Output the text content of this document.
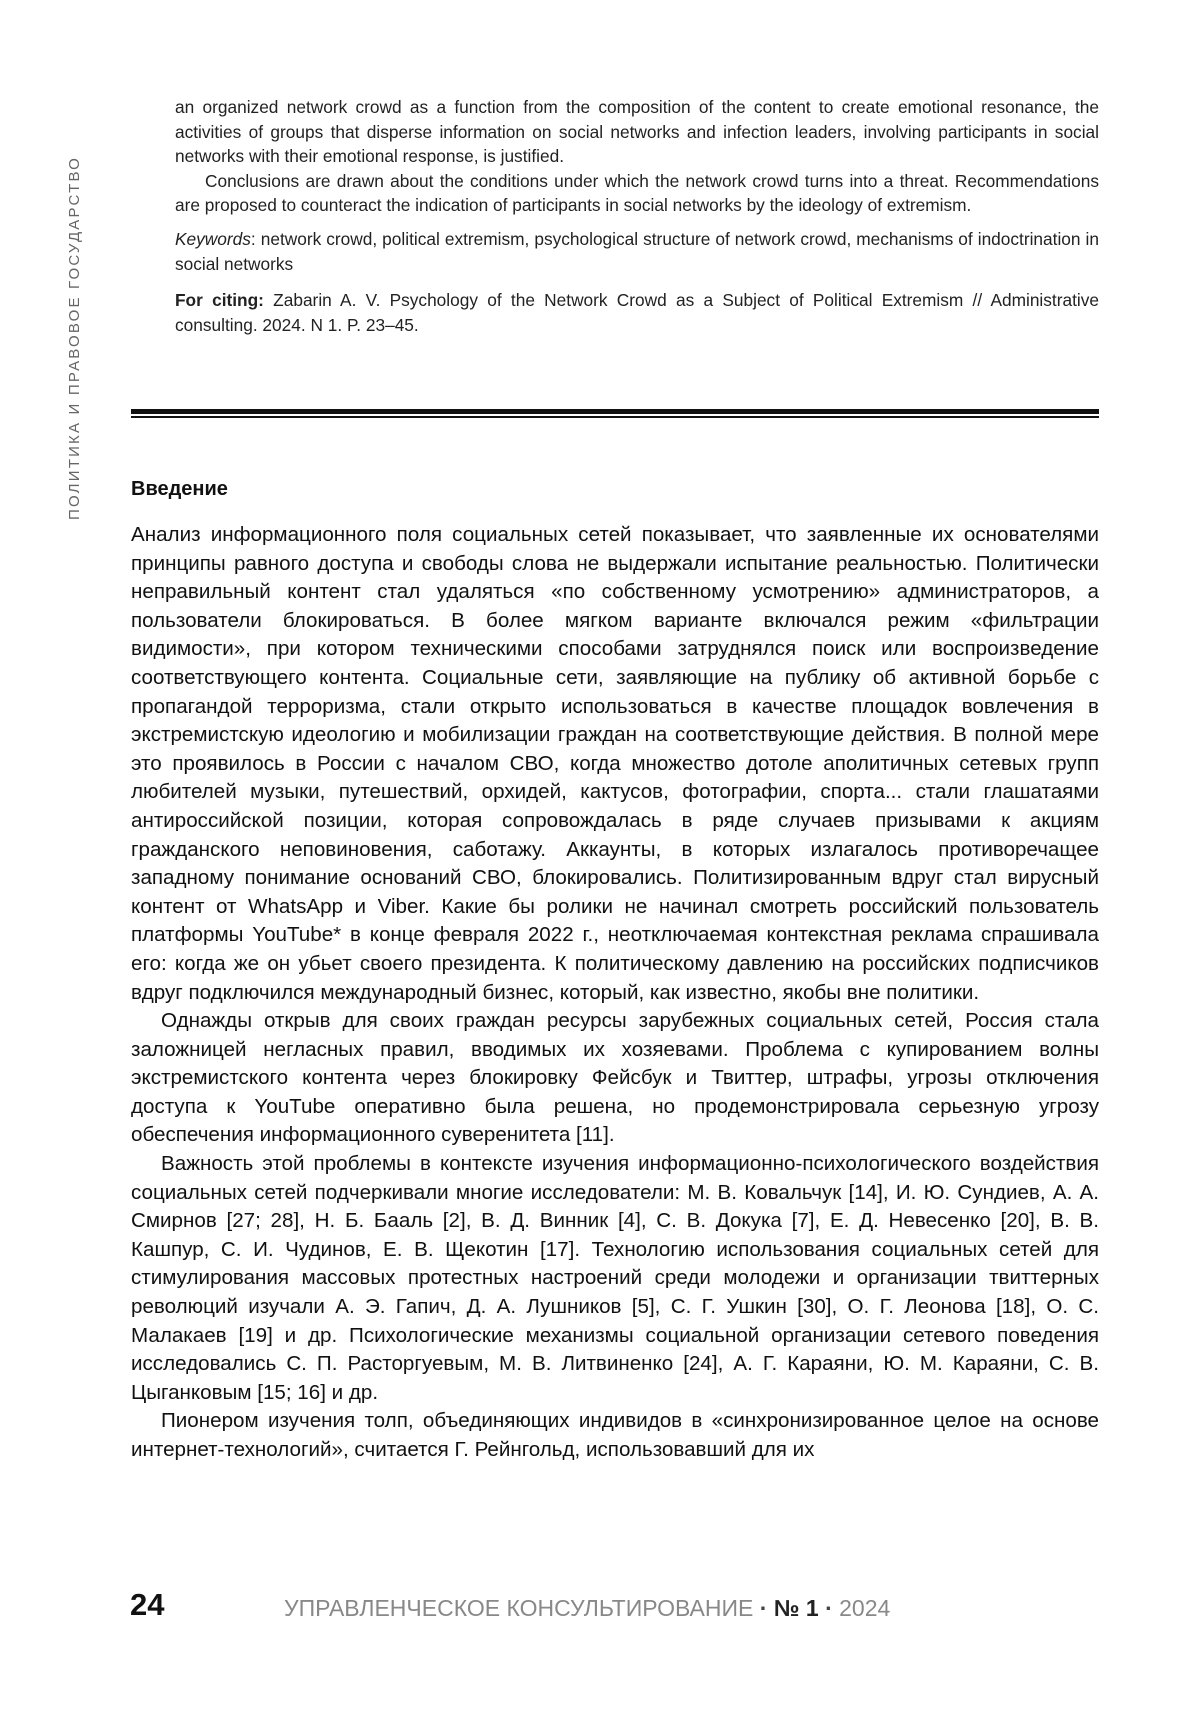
ПОЛИТИКА И ПРАВОВОЕ ГОСУДАРСТВО

an organized network crowd as a function from the composition of the content to create emotional resonance, the activities of groups that disperse information on social networks and infection leaders, involving participants in social networks with their emotional response, is justified.

Conclusions are drawn about the conditions under which the network crowd turns into a threat. Recommendations are proposed to counteract the indication of participants in social networks by the ideology of extremism.

Keywords: network crowd, political extremism, psychological structure of network crowd, mechanisms of indoctrination in social networks

For citing: Zabarin A. V. Psychology of the Network Crowd as a Subject of Political Extremism // Administrative consulting. 2024. N 1. P. 23–45.

Введение

Анализ информационного поля социальных сетей показывает, что заявленные их основателями принципы равного доступа и свободы слова не выдержали испытание реальностью. Политически неправильный контент стал удаляться «по собственному усмотрению» администраторов, а пользователи блокироваться. В более мягком варианте включался режим «фильтрации видимости», при котором техническими способами затруднялся поиск или воспроизведение соответствующего контента. Социальные сети, заявляющие на публику об активной борьбе с пропагандой терроризма, стали открыто использоваться в качестве площадок вовлечения в экстремистскую идеологию и мобилизации граждан на соответствующие действия. В полной мере это проявилось в России с началом СВО, когда множество дотоле аполитичных сетевых групп любителей музыки, путешествий, орхидей, кактусов, фотографии, спорта... стали глашатаями антироссийской позиции, которая сопровождалась в ряде случаев призывами к акциям гражданского неповиновения, саботажу. Аккаунты, в которых излагалось противоречащее западному понимание оснований СВО, блокировались. Политизированным вдруг стал вирусный контент от WhatsApp и Viber. Какие бы ролики не начинал смотреть российский пользователь платформы YouTube* в конце февраля 2022 г., неотключаемая контекстная реклама спрашивала его: когда же он убьет своего президента. К политическому давлению на российских подписчиков вдруг подключился международный бизнес, который, как известно, якобы вне политики.

Однажды открыв для своих граждан ресурсы зарубежных социальных сетей, Россия стала заложницей негласных правил, вводимых их хозяевами. Проблема с купированием волны экстремистского контента через блокировку Фейсбук и Твиттер, штрафы, угрозы отключения доступа к YouTube оперативно была решена, но продемонстрировала серьезную угрозу обеспечения информационного суверенитета [11].

Важность этой проблемы в контексте изучения информационно-психологического воздействия социальных сетей подчеркивали многие исследователи: М. В. Ковальчук [14], И. Ю. Сундиев, А. А. Смирнов [27; 28], Н. Б. Бааль [2], В. Д. Винник [4], С. В. Докука [7], Е. Д. Невесенко [20], В. В. Кашпур, С. И. Чудинов, Е. В. Щекотин [17]. Технологию использования социальных сетей для стимулирования массовых протестных настроений среди молодежи и организации твиттерных революций изучали А. Э. Гапич, Д. А. Лушников [5], С. Г. Ушкин [30], О. Г. Леонова [18], О. С. Малакаев [19] и др. Психологические механизмы социальной организации сетевого поведения исследовались С. П. Расторгуевым, М. В. Литвиненко [24], А. Г. Караяни, Ю. М. Караяни, С. В. Цыганковым [15; 16] и др.

Пионером изучения толп, объединяющих индивидов в «синхронизированное целое на основе интернет-технологий», считается Г. Рейнгольд, использовавший для их

24	УПРАВЛЕНЧЕСКОЕ КОНСУЛЬТИРОВАНИЕ · № 1 · 2024
